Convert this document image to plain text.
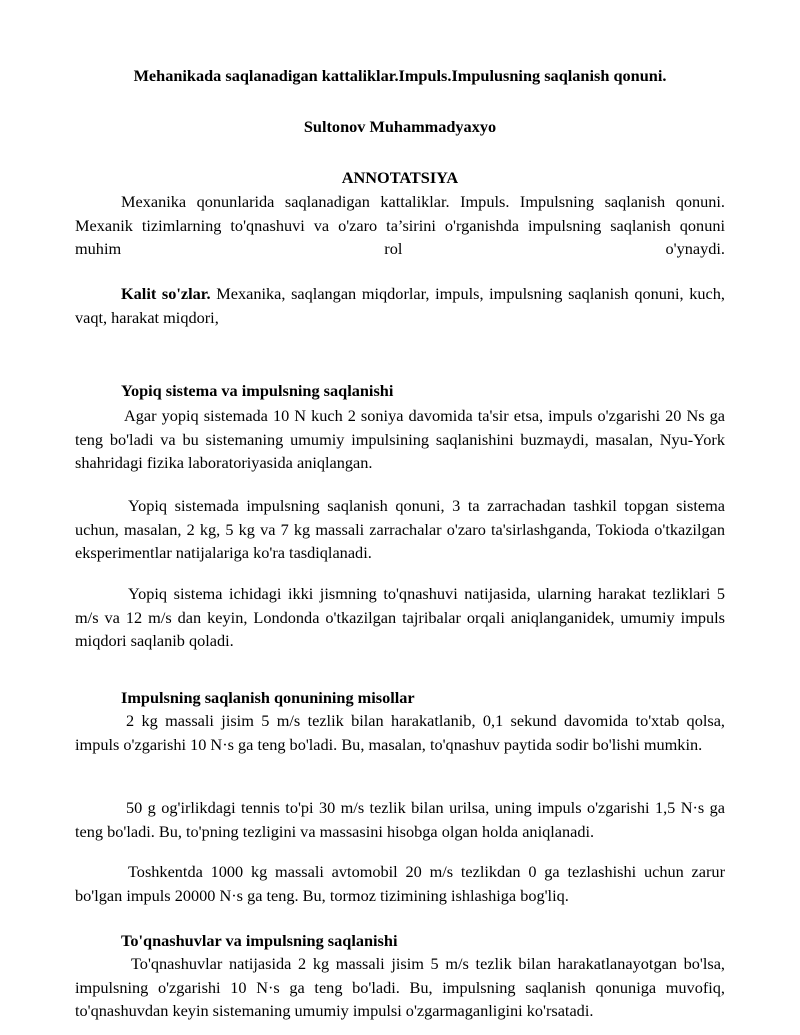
Mehanikada saqlanadigan kattaliklar.Impuls.Impulusning saqlanish qonuni.
Sultonov Muhammadyaxyo
ANNOTATSIYA

Mexanika qonunlarida saqlanadigan kattaliklar. Impuls. Impulsning saqlanish qonuni. Mexanik tizimlarning to'qnashuvi va o'zaro ta’sirini o'rganishda impulsning saqlanish qonuni muhim rol o'ynaydi.

Kalit so'zlar. Mexanika, saqlangan miqdorlar, impuls, impulsning saqlanish qonuni, kuch, vaqt, harakat miqdori,

Yopiq sistema va impulsning saqlanishi

Agar yopiq sistemada 10 N kuch 2 soniya davomida ta'sir etsa, impuls o'zgarishi 20 Ns ga teng bo'ladi va bu sistemaning umumiy impulsining saqlanishini buzmaydi, masalan, Nyu-York shahridagi fizika laboratoriyasida aniqlangan.

Yopiq sistemada impulsning saqlanish qonuni, 3 ta zarrachadan tashkil topgan sistema uchun, masalan, 2 kg, 5 kg va 7 kg massali zarrachalar o'zaro ta'sirlashganda, Tokioda o'tkazilgan eksperimentlar natijalariga ko'ra tasdiqlanadi.

Yopiq sistema ichidagi ikki jismning to'qnashuvi natijasida, ularning harakat tezliklari 5 m/s va 12 m/s dan keyin, Londonda o'tkazilgan tajribalar orqali aniqlanganidek, umumiy impuls miqdori saqlanib qoladi.

Impulsning saqlanish qonunining misollar

2 kg massali jisim 5 m/s tezlik bilan harakatlanib, 0,1 sekund davomida to'xtab qolsa, impuls o'zgarishi 10 N·s ga teng bo'ladi. Bu, masalan, to'qnashuv paytida sodir bo'lishi mumkin.

50 g og'irlikdagi tennis to'pi 30 m/s tezlik bilan urilsa, uning impuls o'zgarishi 1,5 N·s ga teng bo'ladi. Bu, to'pning tezligini va massasini hisobga olgan holda aniqlanadi.

Toshkentda 1000 kg massali avtomobil 20 m/s tezlikdan 0 ga tezlashishi uchun zarur bo'lgan impuls 20000 N·s ga teng. Bu, tormoz tizimining ishlashiga bog'liq.

To'qnashuvlar va impulsning saqlanishi

To'qnashuvlar natijasida 2 kg massali jisim 5 m/s tezlik bilan harakatlanayotgan bo'lsa, impulsning o'zgarishi 10 N·s ga teng bo'ladi. Bu, impulsning saqlanish qonuniga muvofiq, to'qnashuvdan keyin sistemaning umumiy impulsi o'zgarmaganligini ko'rsatadi.
